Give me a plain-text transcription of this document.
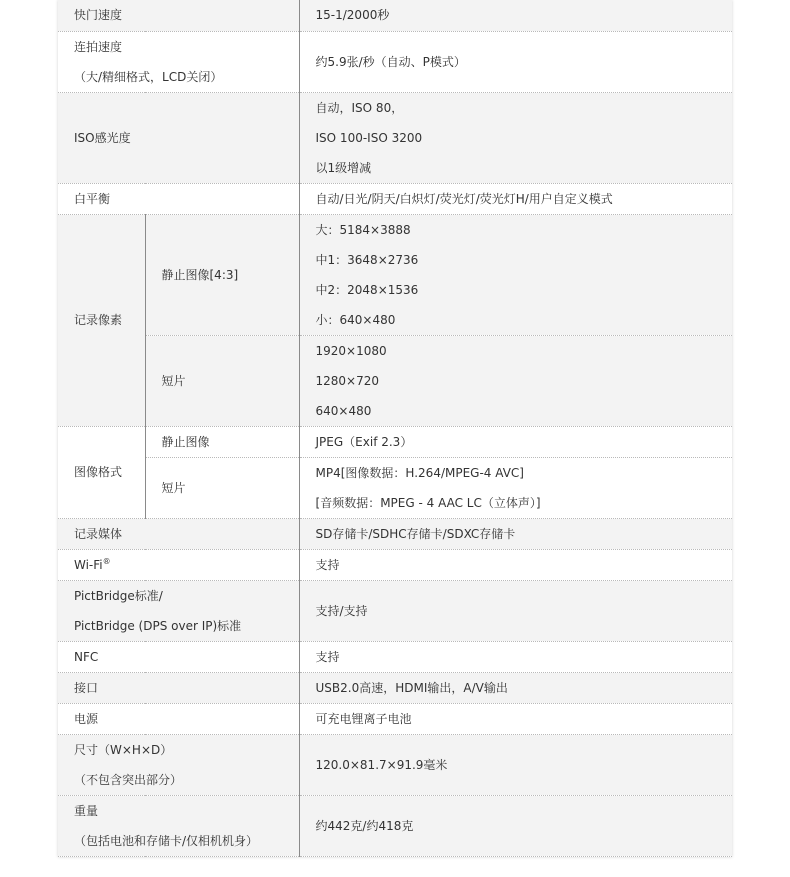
快门速度		15-1/2000秒

连拍速度
（大/精细格式，LCD关闭）		约5.9张/秒（自动、P模式）
ISO感光度		自动，ISO 80，
ISO 100-ISO 3200
以1级增减

白平衡		自动/日光/阴天/白炽灯/荧光灯/荧光灯H/用户自定义模式
记录像素	静止图像[4:3]	大：5184×3888
中1：3648×2736
中2：2048×1536
小：640×480

	短片	1920×1080
1280×720
640×480

图像格式	静止图像	JPEG（Exif 2.3）
	短片	MP4[图像数据：H.264/MPEG-4 AVC]
[音频数据：MPEG - 4 AAC LC（立体声）]

记录媒体		SD存储卡/SDHC存储卡/SDXC存储卡
Wi-Fi®		支持

PictBridge标准/
PictBridge (DPS over IP)标准		支持/支持
NFC		支持
接口		USB2.0高速，HDMI输出，A/V输出
电源		可充电锂离子电池

尺寸（W×H×D）
（不包含突出部分）		120.0×81.7×91.9毫米

重量
（包括电池和存储卡/仅相机机身）		约442克/约418克
